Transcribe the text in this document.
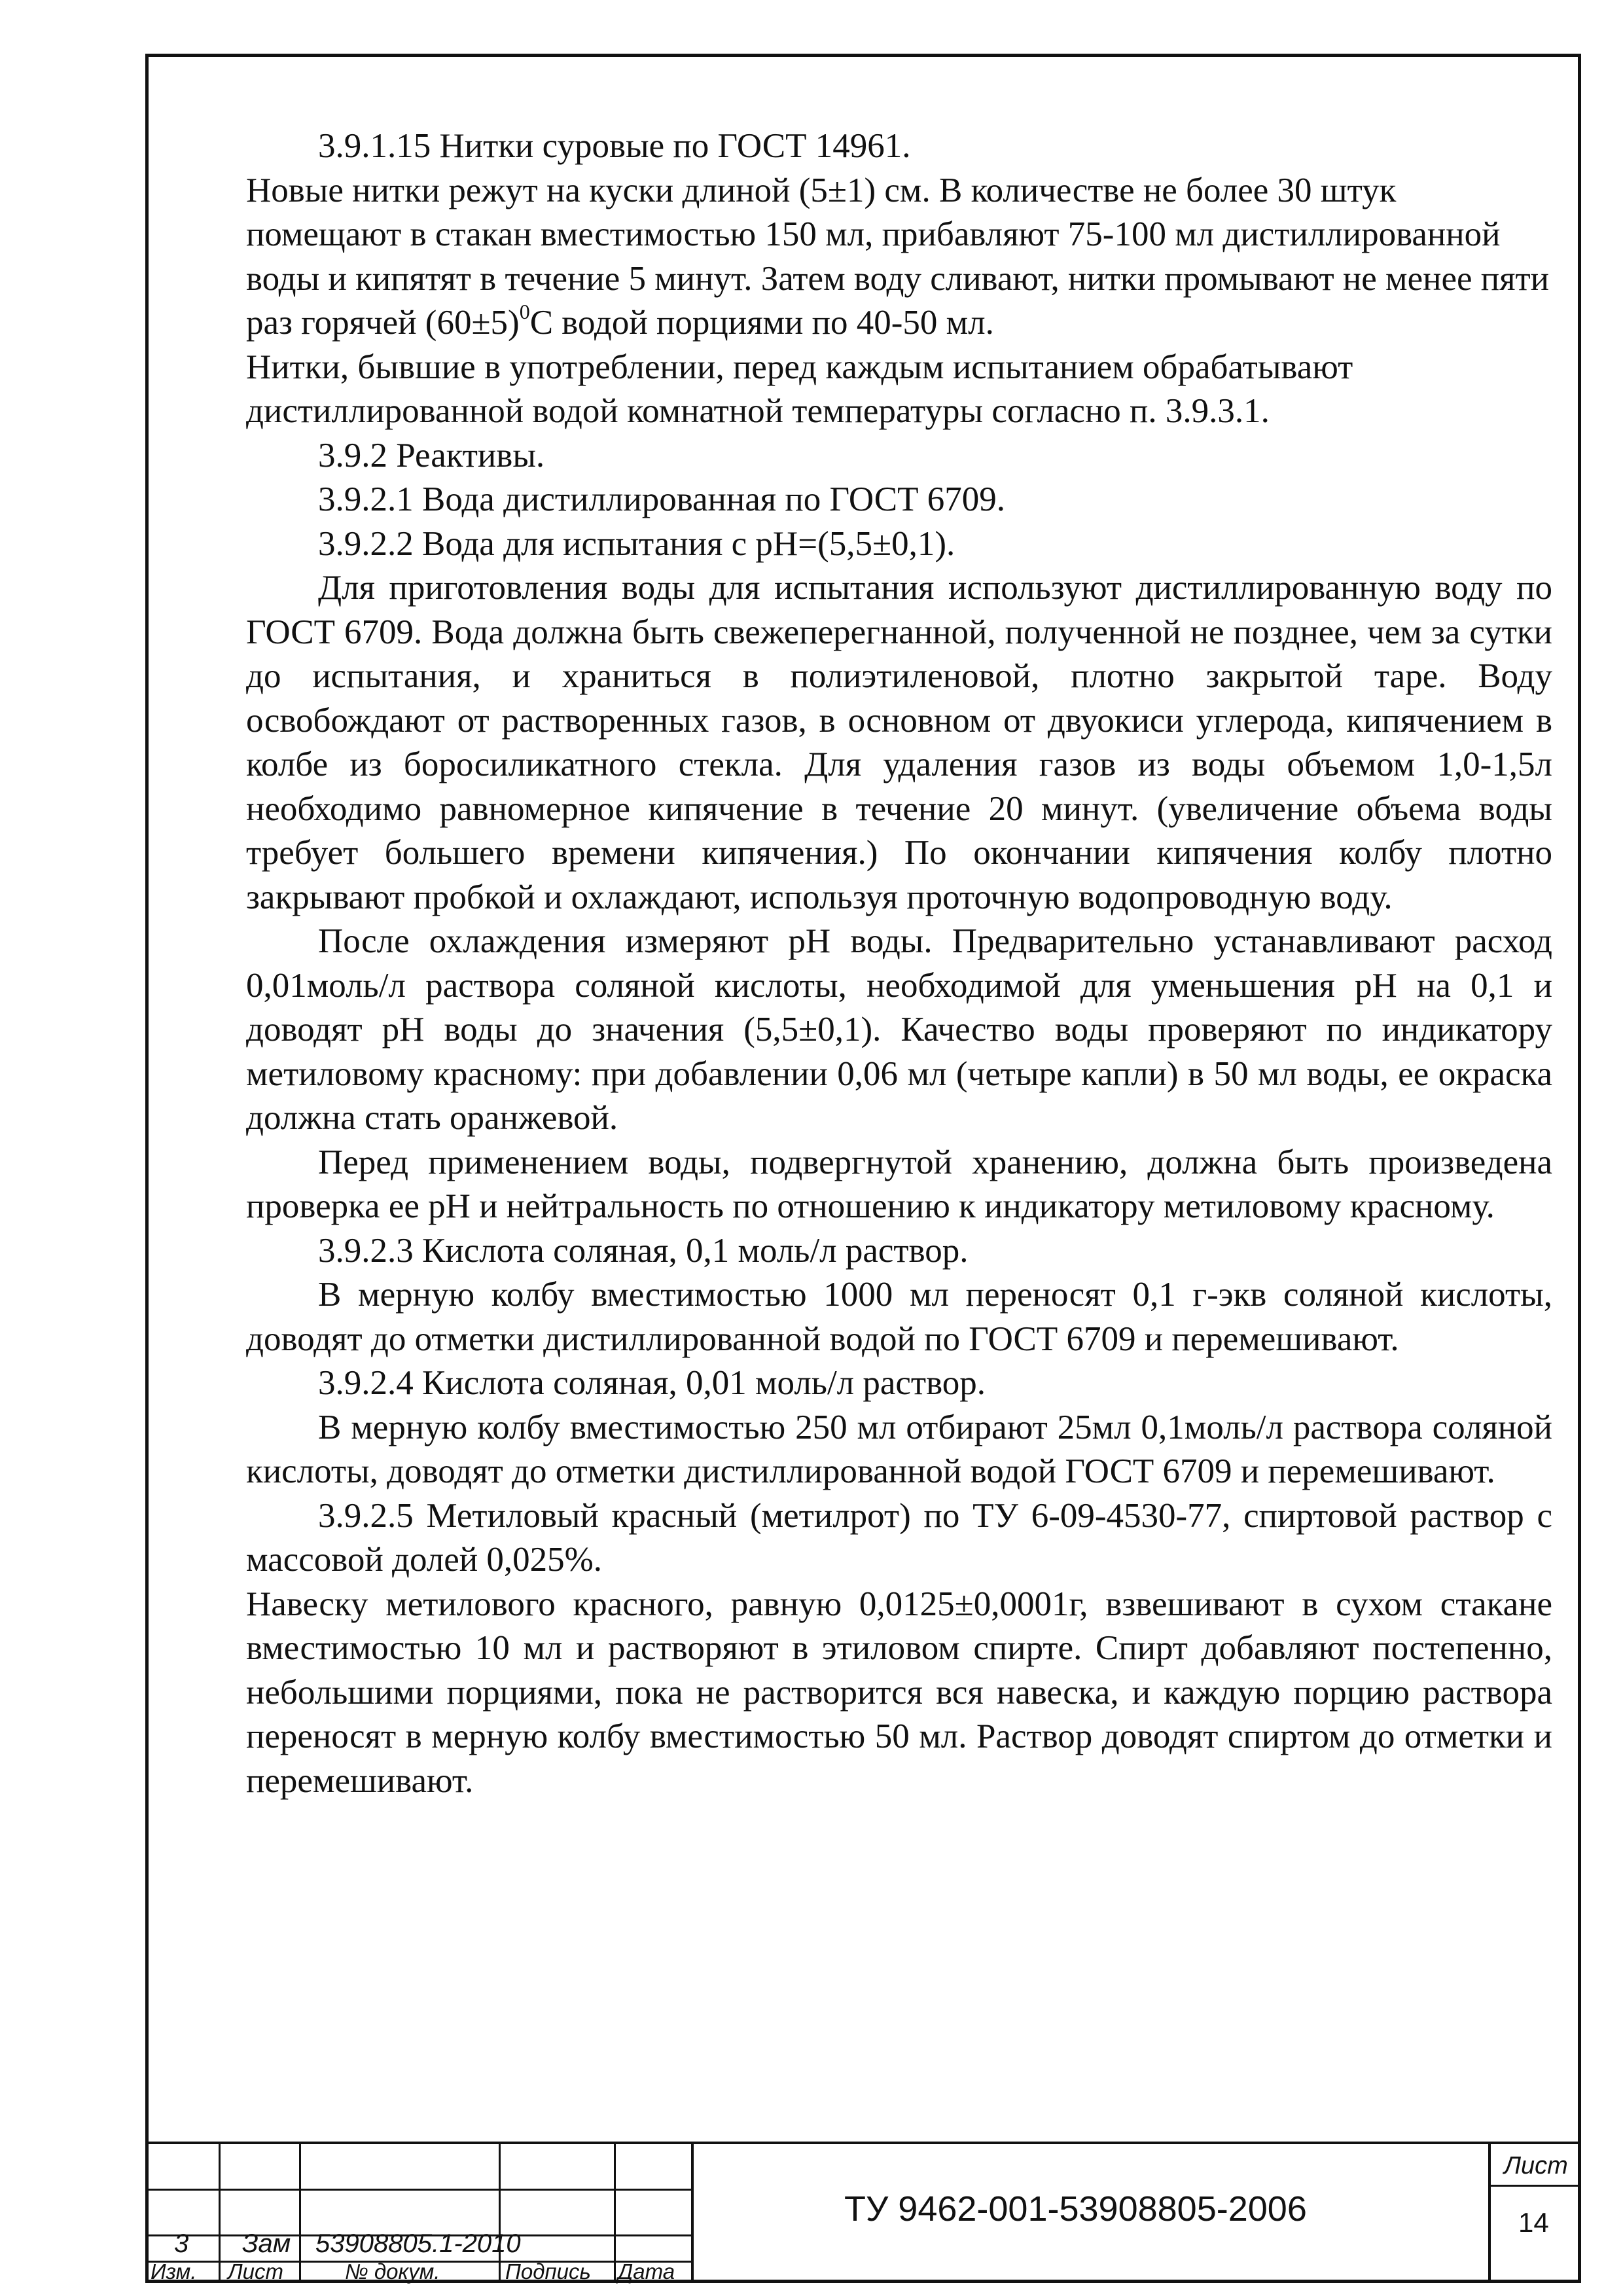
3.9.1.15 Нитки суровые по ГОСТ 14961.

Новые нитки режут на куски длиной (5±1) см. В количестве не более 30 штук помещают в стакан вместимостью 150 мл, прибавляют 75-100 мл дистиллированной воды и кипятят в течение 5 минут. Затем воду сливают, нитки промывают не менее пяти раз горячей $(60\pm 5)^0С$ водой порциями по 40-50 мл.

Нитки, бывшие в употреблении, перед каждым испытанием обрабатывают дистиллированной водой комнатной температуры согласно п. 3.9.3.1.

3.9.2 Реактивы.

3.9.2.1 Вода дистиллированная по ГОСТ 6709.

3.9.2.2 Вода для испытания с pH=(5,5±0,1).

Для приготовления воды для испытания используют дистиллированную воду по ГОСТ 6709. Вода должна быть свежеперегнанной, полученной не позднее, чем за сутки до испытания, и храниться в полиэтиленовой, плотно закрытой таре. Воду освобождают от растворенных газов, в основном от двуокиси углерода, кипячением в колбе из боросиликатного стекла. Для удаления газов из воды объемом 1,0-1,5л необходимо равномерное кипячение в течение 20 минут. (увеличение объема воды требует большего времени кипячения.) По окончании кипячения колбу плотно закрывают пробкой и охлаждают, используя проточную водопроводную воду.

После охлаждения измеряют pH воды. Предварительно устанавливают расход 0,01моль/л раствора соляной кислоты, необходимой для уменьшения pH на 0,1 и доводят pH воды до значения (5,5±0,1). Качество воды проверяют по индикатору метиловому красному: при добавлении 0,06 мл (четыре капли) в 50 мл воды, ее окраска должна стать оранжевой.

Перед применением воды, подвергнутой хранению, должна быть произведена проверка ее pH и нейтральность по отношению к индикатору метиловому красному.

3.9.2.3 Кислота соляная, 0,1 моль/л раствор.

В мерную колбу вместимостью 1000 мл переносят 0,1 г-экв соляной кислоты, доводят до отметки дистиллированной водой по ГОСТ 6709 и перемешивают.

3.9.2.4 Кислота соляная, 0,01 моль/л раствор.

В мерную колбу вместимостью 250 мл отбирают 25мл 0,1моль/л раствора соляной кислоты, доводят до отметки дистиллированной водой ГОСТ 6709 и перемешивают.

3.9.2.5 Метиловый красный (метилрот) по ТУ 6-09-4530-77, спиртовой раствор с массовой долей 0,025%.

Навеску метилового красного, равную 0,0125±0,0001г, взвешивают в сухом стакане вместимостью 10 мл и растворяют в этиловом спирте. Спирт добавляют постепенно, небольшими порциями, пока не растворится вся навеска, и каждую порцию раствора переносят в мерную колбу вместимостью 50 мл. Раствор доводят спиртом до отметки и перемешивают.

3 Зам 53908805.1-2010
Изм. Лист	№ докум.	Подпись Дата
ТУ 9462-001-53908805-2006
Лист
14
